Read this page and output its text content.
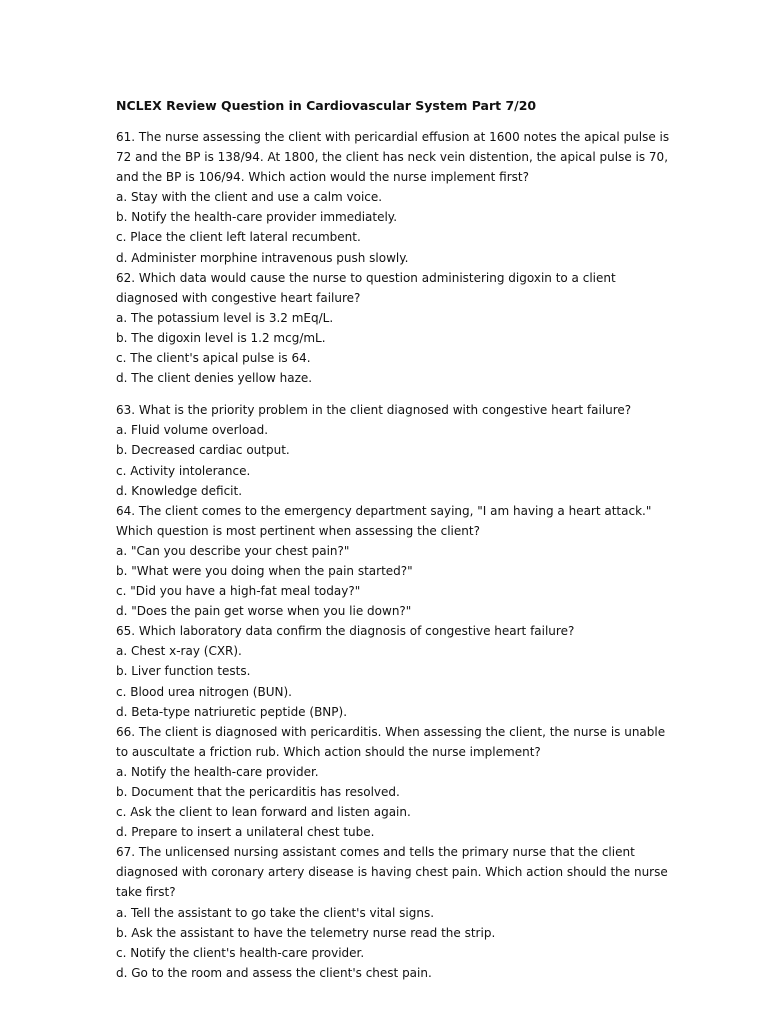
NCLEX Review Question in Cardiovascular System Part 7/20
61. The nurse assessing the client with pericardial effusion at 1600 notes the apical pulse is
72 and the BP is 138/94. At 1800, the client has neck vein distention, the apical pulse is 70,
and the BP is 106/94. Which action would the nurse implement first?
a. Stay with the client and use a calm voice.
b. Notify the health-care provider immediately.
c. Place the client left lateral recumbent.
d. Administer morphine intravenous push slowly.
62. Which data would cause the nurse to question administering digoxin to a client
diagnosed with congestive heart failure?
a. The potassium level is 3.2 mEq/L.
b. The digoxin level is 1.2 mcg/mL.
c. The client's apical pulse is 64.
d. The client denies yellow haze.
63. What is the priority problem in the client diagnosed with congestive heart failure?
a. Fluid volume overload.
b. Decreased cardiac output.
c. Activity intolerance.
d. Knowledge deficit.
64. The client comes to the emergency department saying, "I am having a heart attack."
Which question is most pertinent when assessing the client?
a. "Can you describe your chest pain?"
b. "What were you doing when the pain started?"
c. "Did you have a high-fat meal today?"
d. "Does the pain get worse when you lie down?"
65. Which laboratory data confirm the diagnosis of congestive heart failure?
a. Chest x-ray (CXR).
b. Liver function tests.
c. Blood urea nitrogen (BUN).
d. Beta-type natriuretic peptide (BNP).
66. The client is diagnosed with pericarditis. When assessing the client, the nurse is unable
to auscultate a friction rub. Which action should the nurse implement?
a. Notify the health-care provider.
b. Document that the pericarditis has resolved.
c. Ask the client to lean forward and listen again.
d. Prepare to insert a unilateral chest tube.
67. The unlicensed nursing assistant comes and tells the primary nurse that the client
diagnosed with coronary artery disease is having chest pain. Which action should the nurse
take first?
a. Tell the assistant to go take the client's vital signs.
b. Ask the assistant to have the telemetry nurse read the strip.
c. Notify the client's health-care provider.
d. Go to the room and assess the client's chest pain.
